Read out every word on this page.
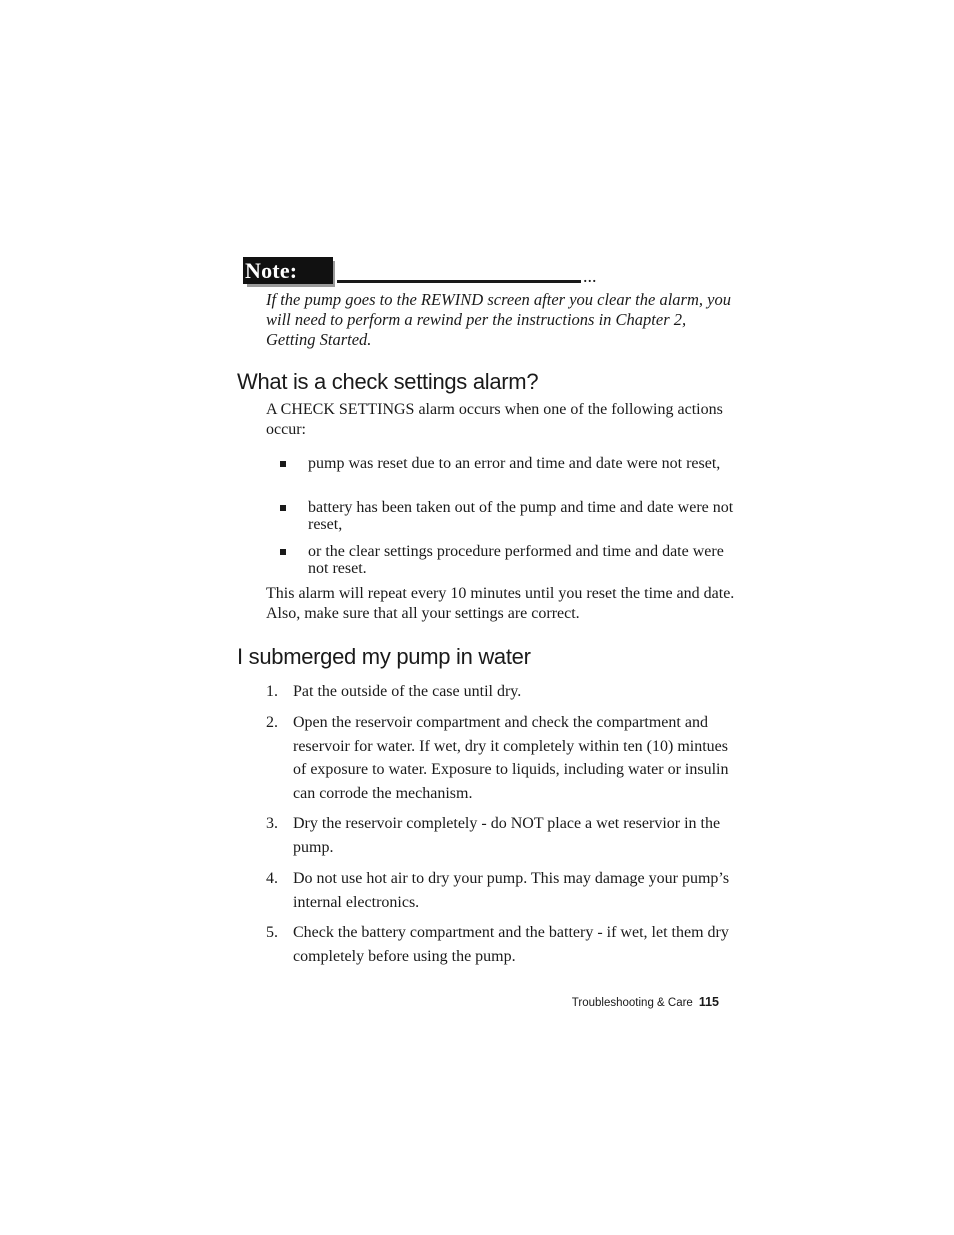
Note:	...

If the pump goes to the REWIND screen after you clear the alarm, you will need to perform a rewind per the instructions in Chapter 2, Getting Started.

What is a check settings alarm?

A CHECK SETTINGS alarm occurs when one of the following actions occur:

pump was reset due to an error and time and date were not reset,
battery has been taken out of the pump and time and date were not reset,
or the clear settings procedure performed and time and date were not reset.

This alarm will repeat every 10 minutes until you reset the time and date. Also, make sure that all your settings are correct.

I submerged my pump in water
1. Pat the outside of the case until dry.
2. Open the reservoir compartment and check the compartment and reservoir for water. If wet, dry it completely within ten (10) mintues of exposure to water. Exposure to liquids, including water or insulin can corrode the mechanism.
3. Dry the reservoir completely - do NOT place a wet reservior in the pump.
4. Do not use hot air to dry your pump. This may damage your pump’s internal electronics.
5. Check the battery compartment and the battery - if wet, let them dry completely before using the pump.
Troubleshooting & Care 115
